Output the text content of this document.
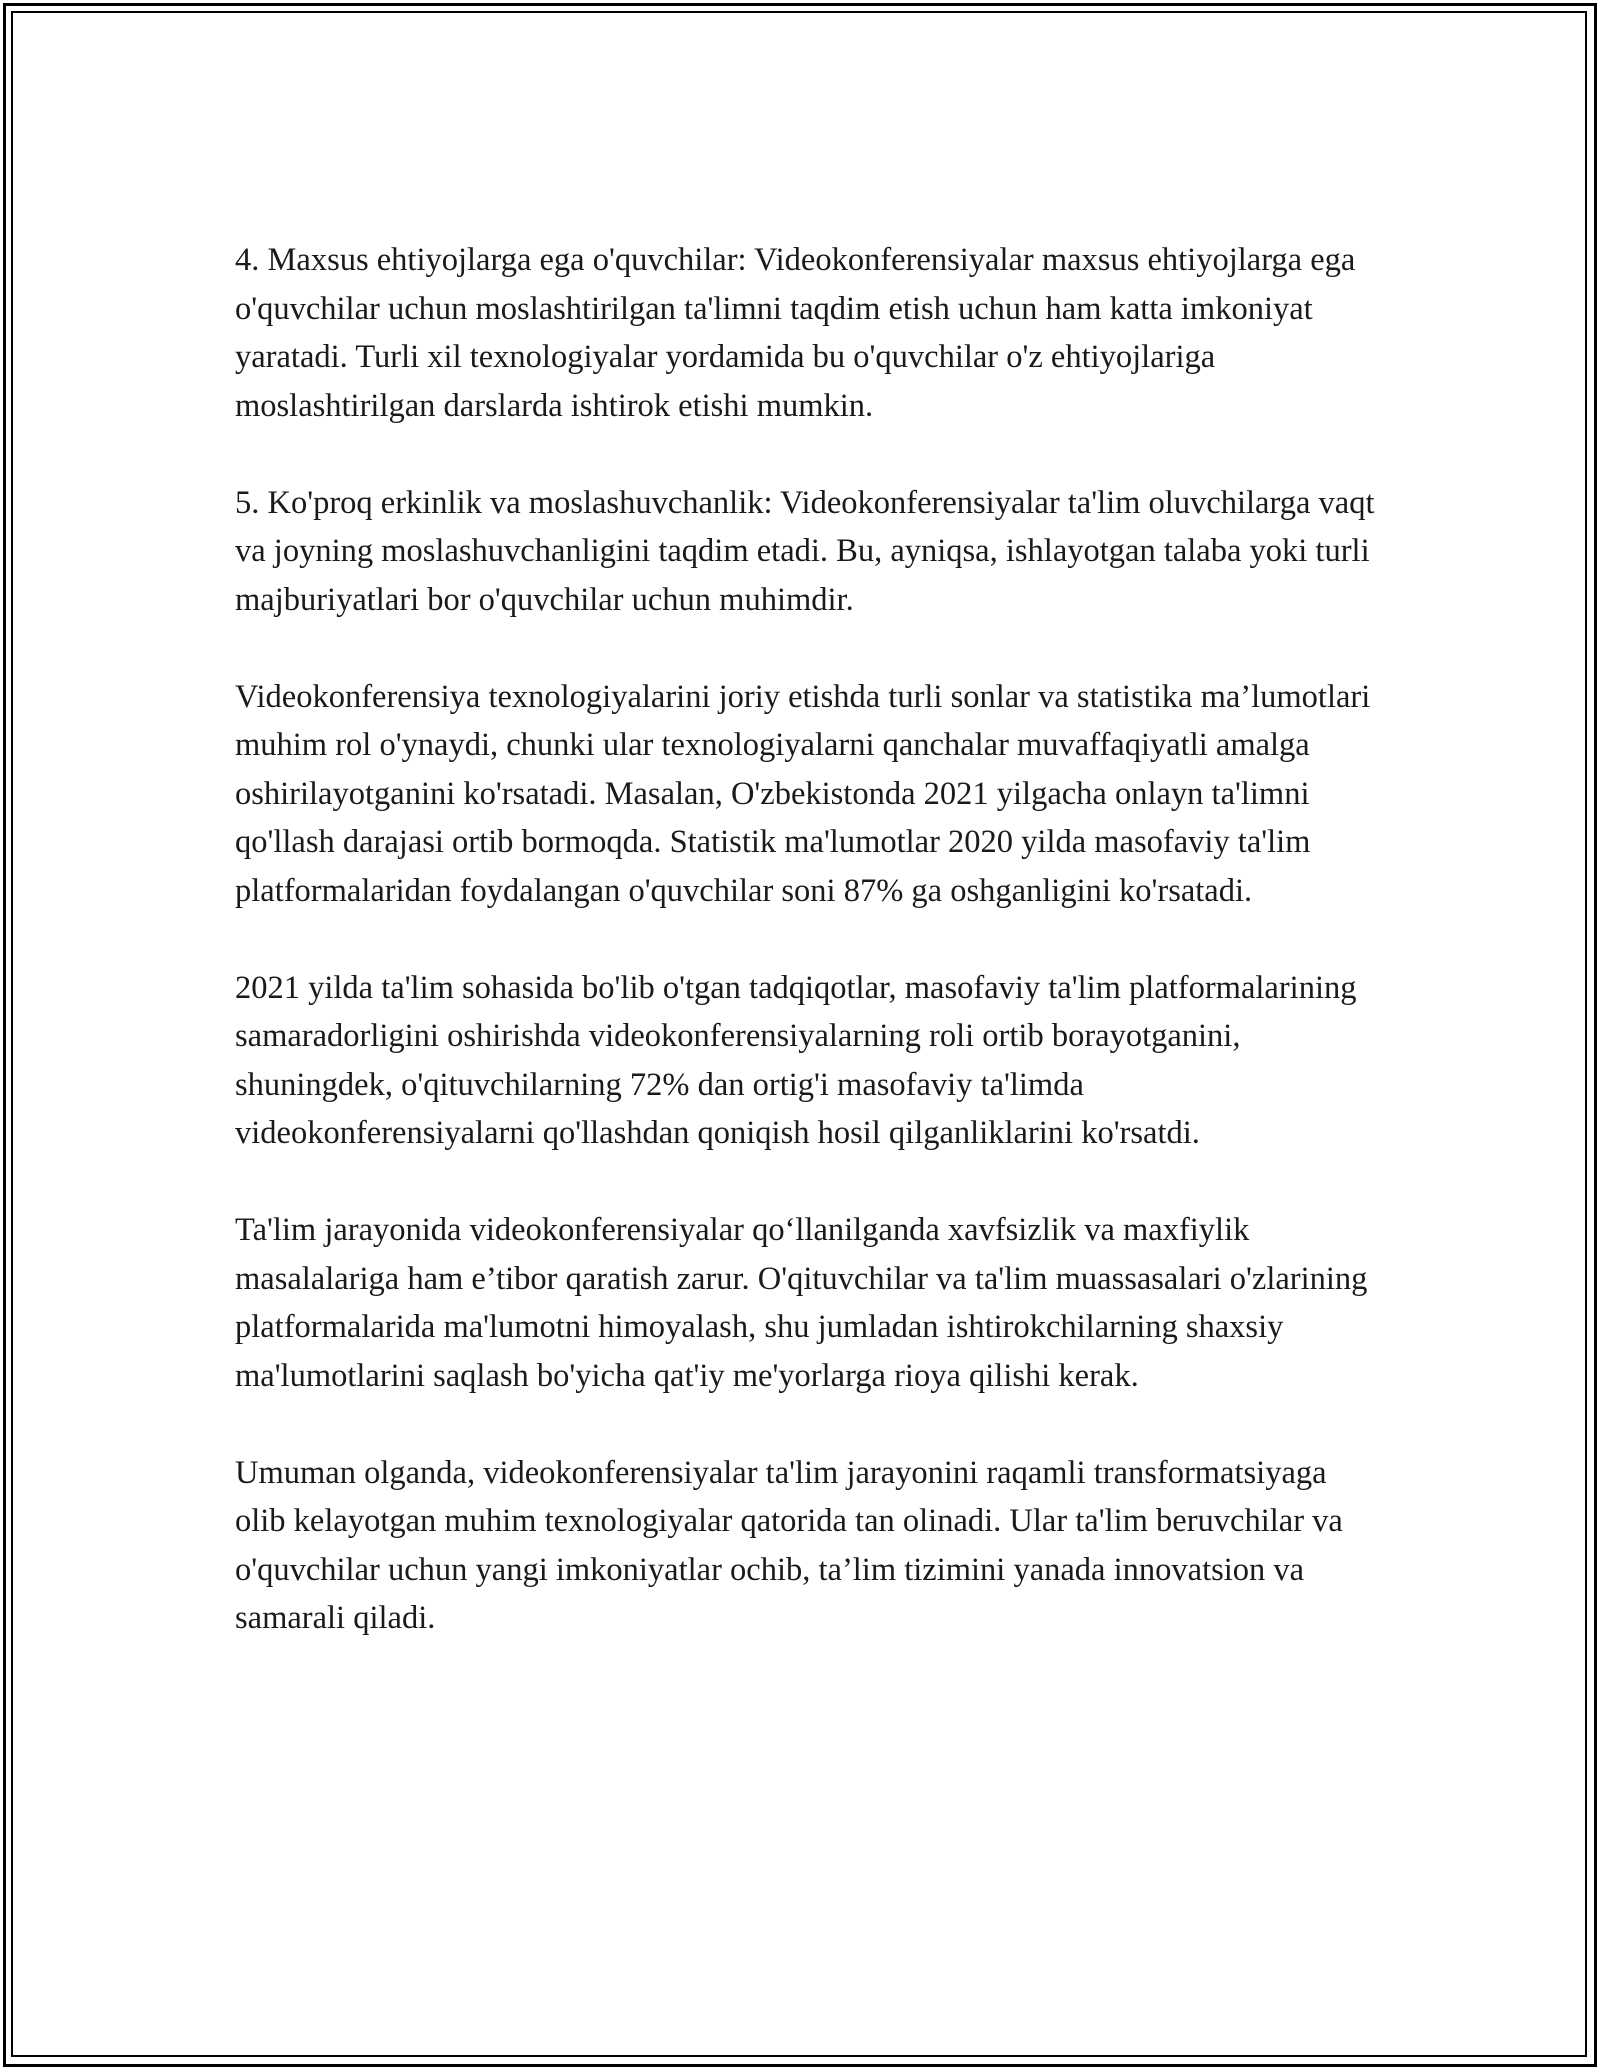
4. Maxsus ehtiyojlarga ega o'quvchilar: Videokonferensiyalar maxsus ehtiyojlarga ega o'quvchilar uchun moslashtirilgan ta'limni taqdim etish uchun ham katta imkoniyat yaratadi. Turli xil texnologiyalar yordamida bu o'quvchilar o'z ehtiyojlariga moslashtirilgan darslarda ishtirok etishi mumkin.

5. Ko'proq erkinlik va moslashuvchanlik: Videokonferensiyalar ta'lim oluvchilarga vaqt va joyning moslashuvchanligini taqdim etadi. Bu, ayniqsa, ishlayotgan talaba yoki turli majburiyatlari bor o'quvchilar uchun muhimdir.

Videokonferensiya texnologiyalarini joriy etishda turli sonlar va statistika ma’lumotlari muhim rol o'ynaydi, chunki ular texnologiyalarni qanchalar muvaffaqiyatli amalga oshirilayotganini ko'rsatadi. Masalan, O'zbekistonda 2021 yilgacha onlayn ta'limni qo'llash darajasi ortib bormoqda. Statistik ma'lumotlar 2020 yilda masofaviy ta'lim platformalaridan foydalangan o'quvchilar soni 87% ga oshganligini ko'rsatadi.

2021 yilda ta'lim sohasida bo'lib o'tgan tadqiqotlar, masofaviy ta'lim platformalarining samaradorligini oshirishda videokonferensiyalarning roli ortib borayotganini, shuningdek, o'qituvchilarning 72% dan ortig'i masofaviy ta'limda videokonferensiyalarni qo'llashdan qoniqish hosil qilganliklarini ko'rsatdi.

Ta'lim jarayonida videokonferensiyalar qo‘llanilganda xavfsizlik va maxfiylik masalalariga ham e’tibor qaratish zarur. O'qituvchilar va ta'lim muassasalari o'zlarining platformalarida ma'lumotni himoyalash, shu jumladan ishtirokchilarning shaxsiy ma'lumotlarini saqlash bo'yicha qat'iy me'yorlarga rioya qilishi kerak.

Umuman olganda, videokonferensiyalar ta'lim jarayonini raqamli transformatsiyaga olib kelayotgan muhim texnologiyalar qatorida tan olinadi. Ular ta'lim beruvchilar va o'quvchilar uchun yangi imkoniyatlar ochib, ta’lim tizimini yanada innovatsion va samarali qiladi.
